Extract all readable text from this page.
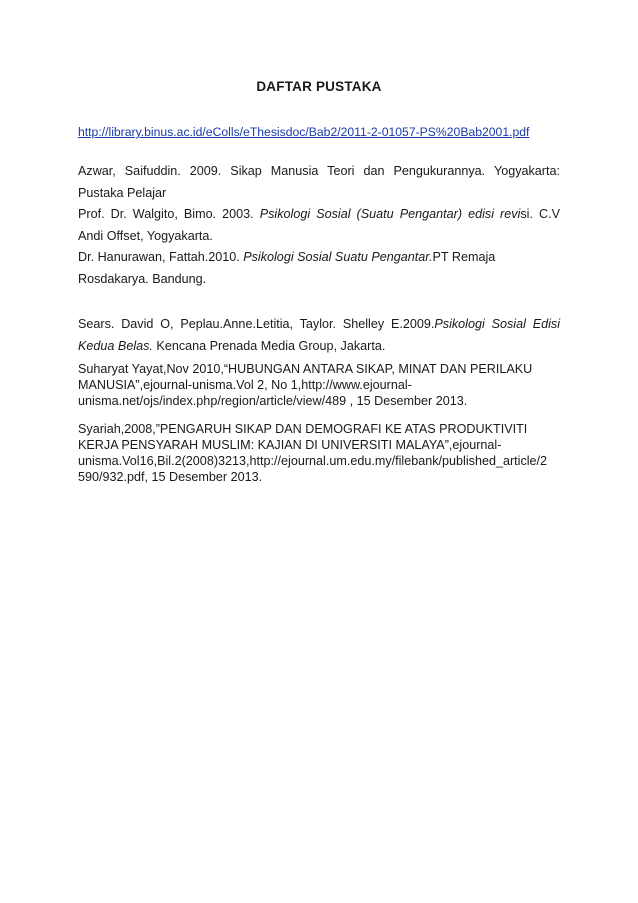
DAFTAR PUSTAKA
http://library.binus.ac.id/eColls/eThesisdoc/Bab2/2011-2-01057-PS%20Bab2001.pdf
Azwar, Saifuddin. 2009. Sikap Manusia Teori dan Pengukurannya. Yogyakarta:
Pustaka Pelajar
Prof. Dr. Walgito, Bimo. 2003. Psikologi Sosial (Suatu Pengantar) edisi revisi. C.V
Andi Offset, Yogyakarta.
Dr. Hanurawan, Fattah.2010. Psikologi Sosial Suatu Pengantar.PT Remaja
Rosdakarya. Bandung.
Sears. David O, Peplau.Anne.Letitia, Taylor. Shelley E.2009.Psikologi Sosial Edisi
Kedua Belas. Kencana Prenada Media Group, Jakarta.
Suharyat Yayat,Nov 2010,“HUBUNGAN ANTARA SIKAP, MINAT DAN PERILAKU
MANUSIA”,ejournal-unisma.Vol 2, No 1,http://www.ejournal-
unisma.net/ojs/index.php/region/article/view/489 , 15 Desember 2013.
Syariah,2008,”PENGARUH SIKAP DAN DEMOGRAFI KE ATAS PRODUKTIVITI
KERJA PENSYARAH MUSLIM: KAJIAN DI UNIVERSITI MALAYA”,ejournal-
unisma.Vol16,Bil.2(2008)3213,http://ejournal.um.edu.my/filebank/published_article/2
590/932.pdf, 15 Desember 2013.
